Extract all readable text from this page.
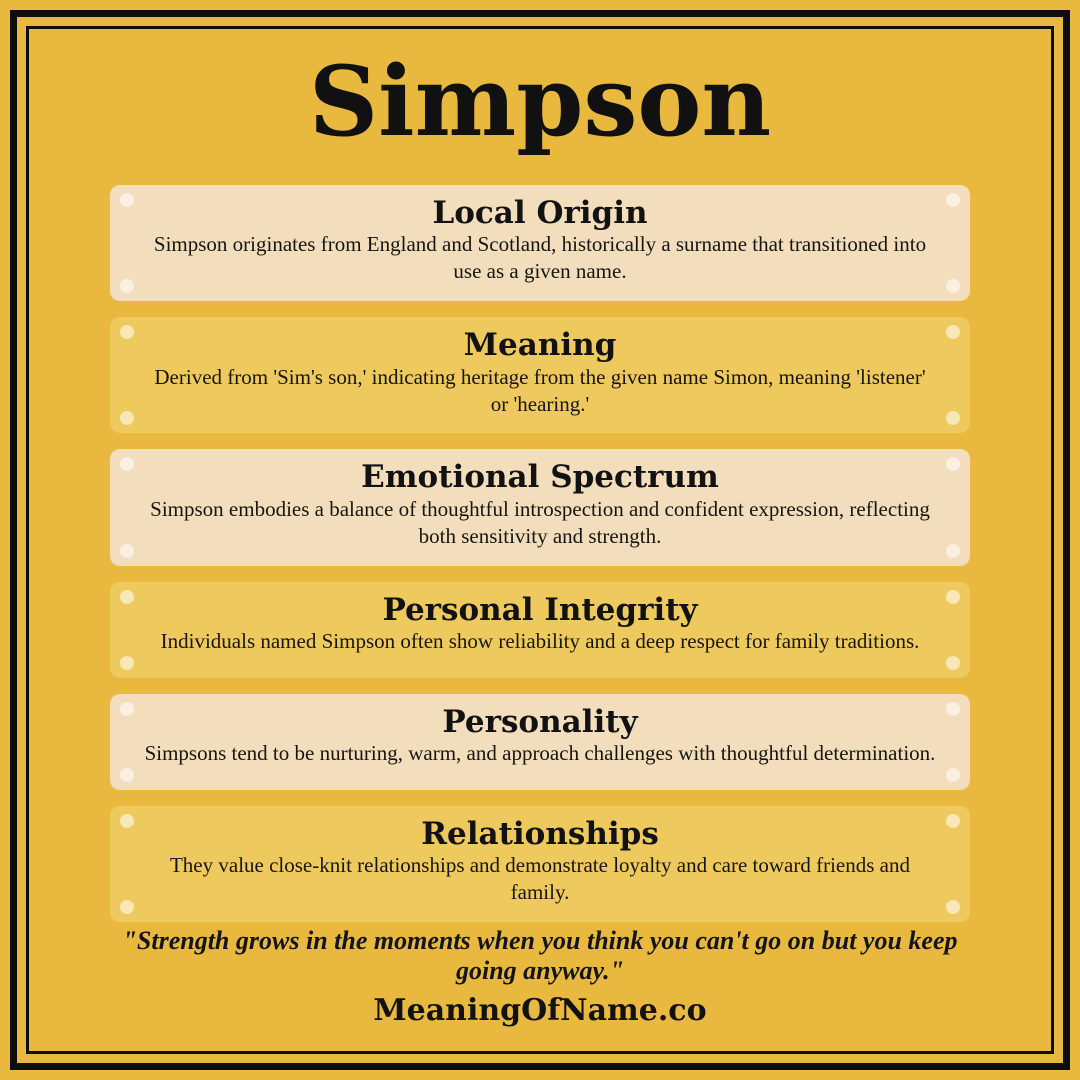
Simpson
Local Origin

Simpson originates from England and Scotland, historically a surname that transitioned into use as a given name.

Meaning

Derived from 'Sim's son,' indicating heritage from the given name Simon, meaning 'listener' or 'hearing.'

Emotional Spectrum

Simpson embodies a balance of thoughtful introspection and confident expression, reflecting both sensitivity and strength.

Personal Integrity

Individuals named Simpson often show reliability and a deep respect for family traditions.

Personality

Simpsons tend to be nurturing, warm, and approach challenges with thoughtful determination.

Relationships

They value close-knit relationships and demonstrate loyalty and care toward friends and family.

"Strength grows in the moments when you think you can't go on but you keep going anyway."

MeaningOfName.co
